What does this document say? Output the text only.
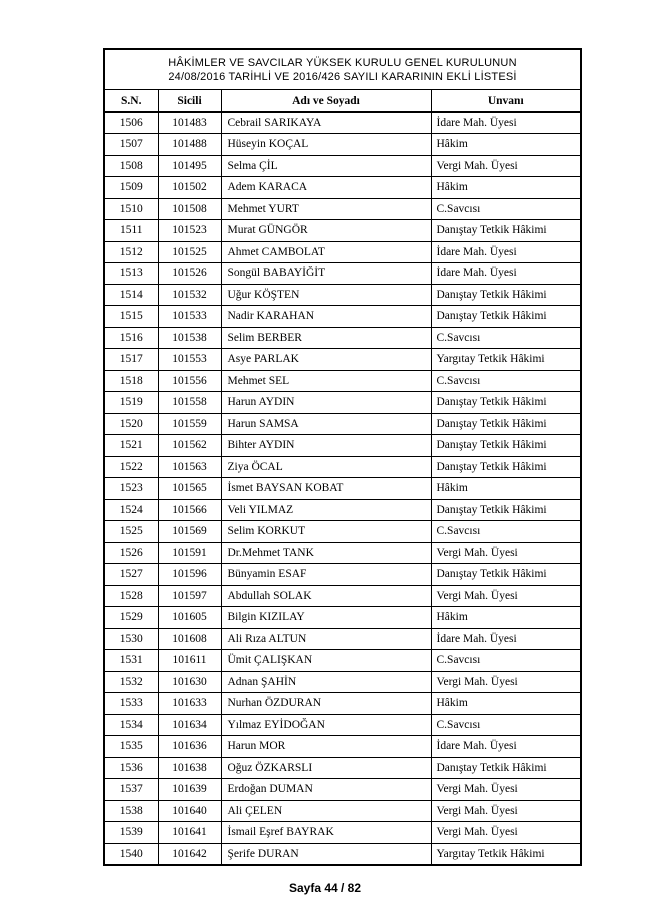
HÂKİMLER VE SAVCILAR YÜKSEK KURULU GENEL KURULUNUN
24/08/2016 TARİHLİ VE 2016/426 SAYILI KARARININ EKLİ LİSTESİ			

S.N.	Sicili	Adı ve Soyadı	Unvanı
1506	101483	Cebrail SARIKAYA	İdare Mah. Üyesi
1507	101488	Hüseyin KOÇAL	Hâkim
1508	101495	Selma ÇİL	Vergi Mah. Üyesi
1509	101502	Adem KARACA	Hâkim
1510	101508	Mehmet YURT	C.Savcısı
1511	101523	Murat GÜNGÖR	Danıştay Tetkik Hâkimi
1512	101525	Ahmet CAMBOLAT	İdare Mah. Üyesi
1513	101526	Songül BABAYİĞİT	İdare Mah. Üyesi
1514	101532	Uğur KÖŞTEN	Danıştay Tetkik Hâkimi
1515	101533	Nadir KARAHAN	Danıştay Tetkik Hâkimi
1516	101538	Selim BERBER	C.Savcısı
1517	101553	Asye PARLAK	Yargıtay Tetkik Hâkimi
1518	101556	Mehmet SEL	C.Savcısı
1519	101558	Harun AYDIN	Danıştay Tetkik Hâkimi
1520	101559	Harun SAMSA	Danıştay Tetkik Hâkimi
1521	101562	Bihter AYDIN	Danıştay Tetkik Hâkimi
1522	101563	Ziya ÖCAL	Danıştay Tetkik Hâkimi
1523	101565	İsmet BAYSAN KOBAT	Hâkim
1524	101566	Veli YILMAZ	Danıştay Tetkik Hâkimi
1525	101569	Selim KORKUT	C.Savcısı
1526	101591	Dr.Mehmet TANK	Vergi Mah. Üyesi
1527	101596	Bünyamin ESAF	Danıştay Tetkik Hâkimi
1528	101597	Abdullah SOLAK	Vergi Mah. Üyesi
1529	101605	Bilgin KIZILAY	Hâkim
1530	101608	Ali Rıza ALTUN	İdare Mah. Üyesi
1531	101611	Ümit ÇALIŞKAN	C.Savcısı
1532	101630	Adnan ŞAHİN	Vergi Mah. Üyesi
1533	101633	Nurhan ÖZDURAN	Hâkim
1534	101634	Yılmaz EYİDOĞAN	C.Savcısı
1535	101636	Harun MOR	İdare Mah. Üyesi
1536	101638	Oğuz ÖZKARSLI	Danıştay Tetkik Hâkimi
1537	101639	Erdoğan DUMAN	Vergi Mah. Üyesi
1538	101640	Ali ÇELEN	Vergi Mah. Üyesi
1539	101641	İsmail Eşref BAYRAK	Vergi Mah. Üyesi
1540	101642	Şerife DURAN	Yargıtay Tetkik Hâkimi
Sayfa 44 / 82
